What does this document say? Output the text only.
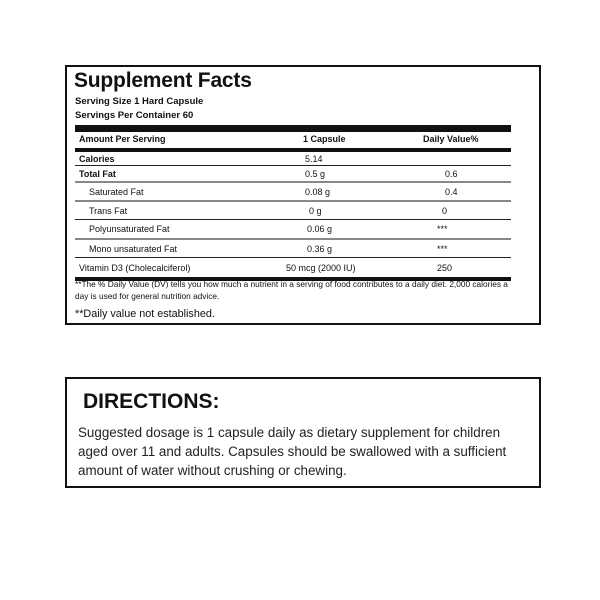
Supplement Facts
Serving Size 1 Hard Capsule
Servings Per Container 60
Amount Per Serving	1 Capsule	Daily Value%
Calories	5.14
Total Fat	0.5 g	0.6
Saturated Fat	0.08 g	0.4
Trans Fat	0 g	0
Polyunsaturated Fat	0.06 g	***
Mono unsaturated Fat	0.36 g	***
Vitamin D3 (Cholecalciferol)	50 mcg (2000 IU)	250
**The % Daily Value (DV) tells you how much a nutrient in a serving of food contributes to a daily diet. 2,000 calories a day is used for general nutrition advice.
**Daily value not established.
DIRECTIONS:
Suggested dosage is 1 capsule daily as dietary supplement for children aged over 11 and adults. Capsules should be swallowed with a sufficient amount of water without crushing or chewing.
